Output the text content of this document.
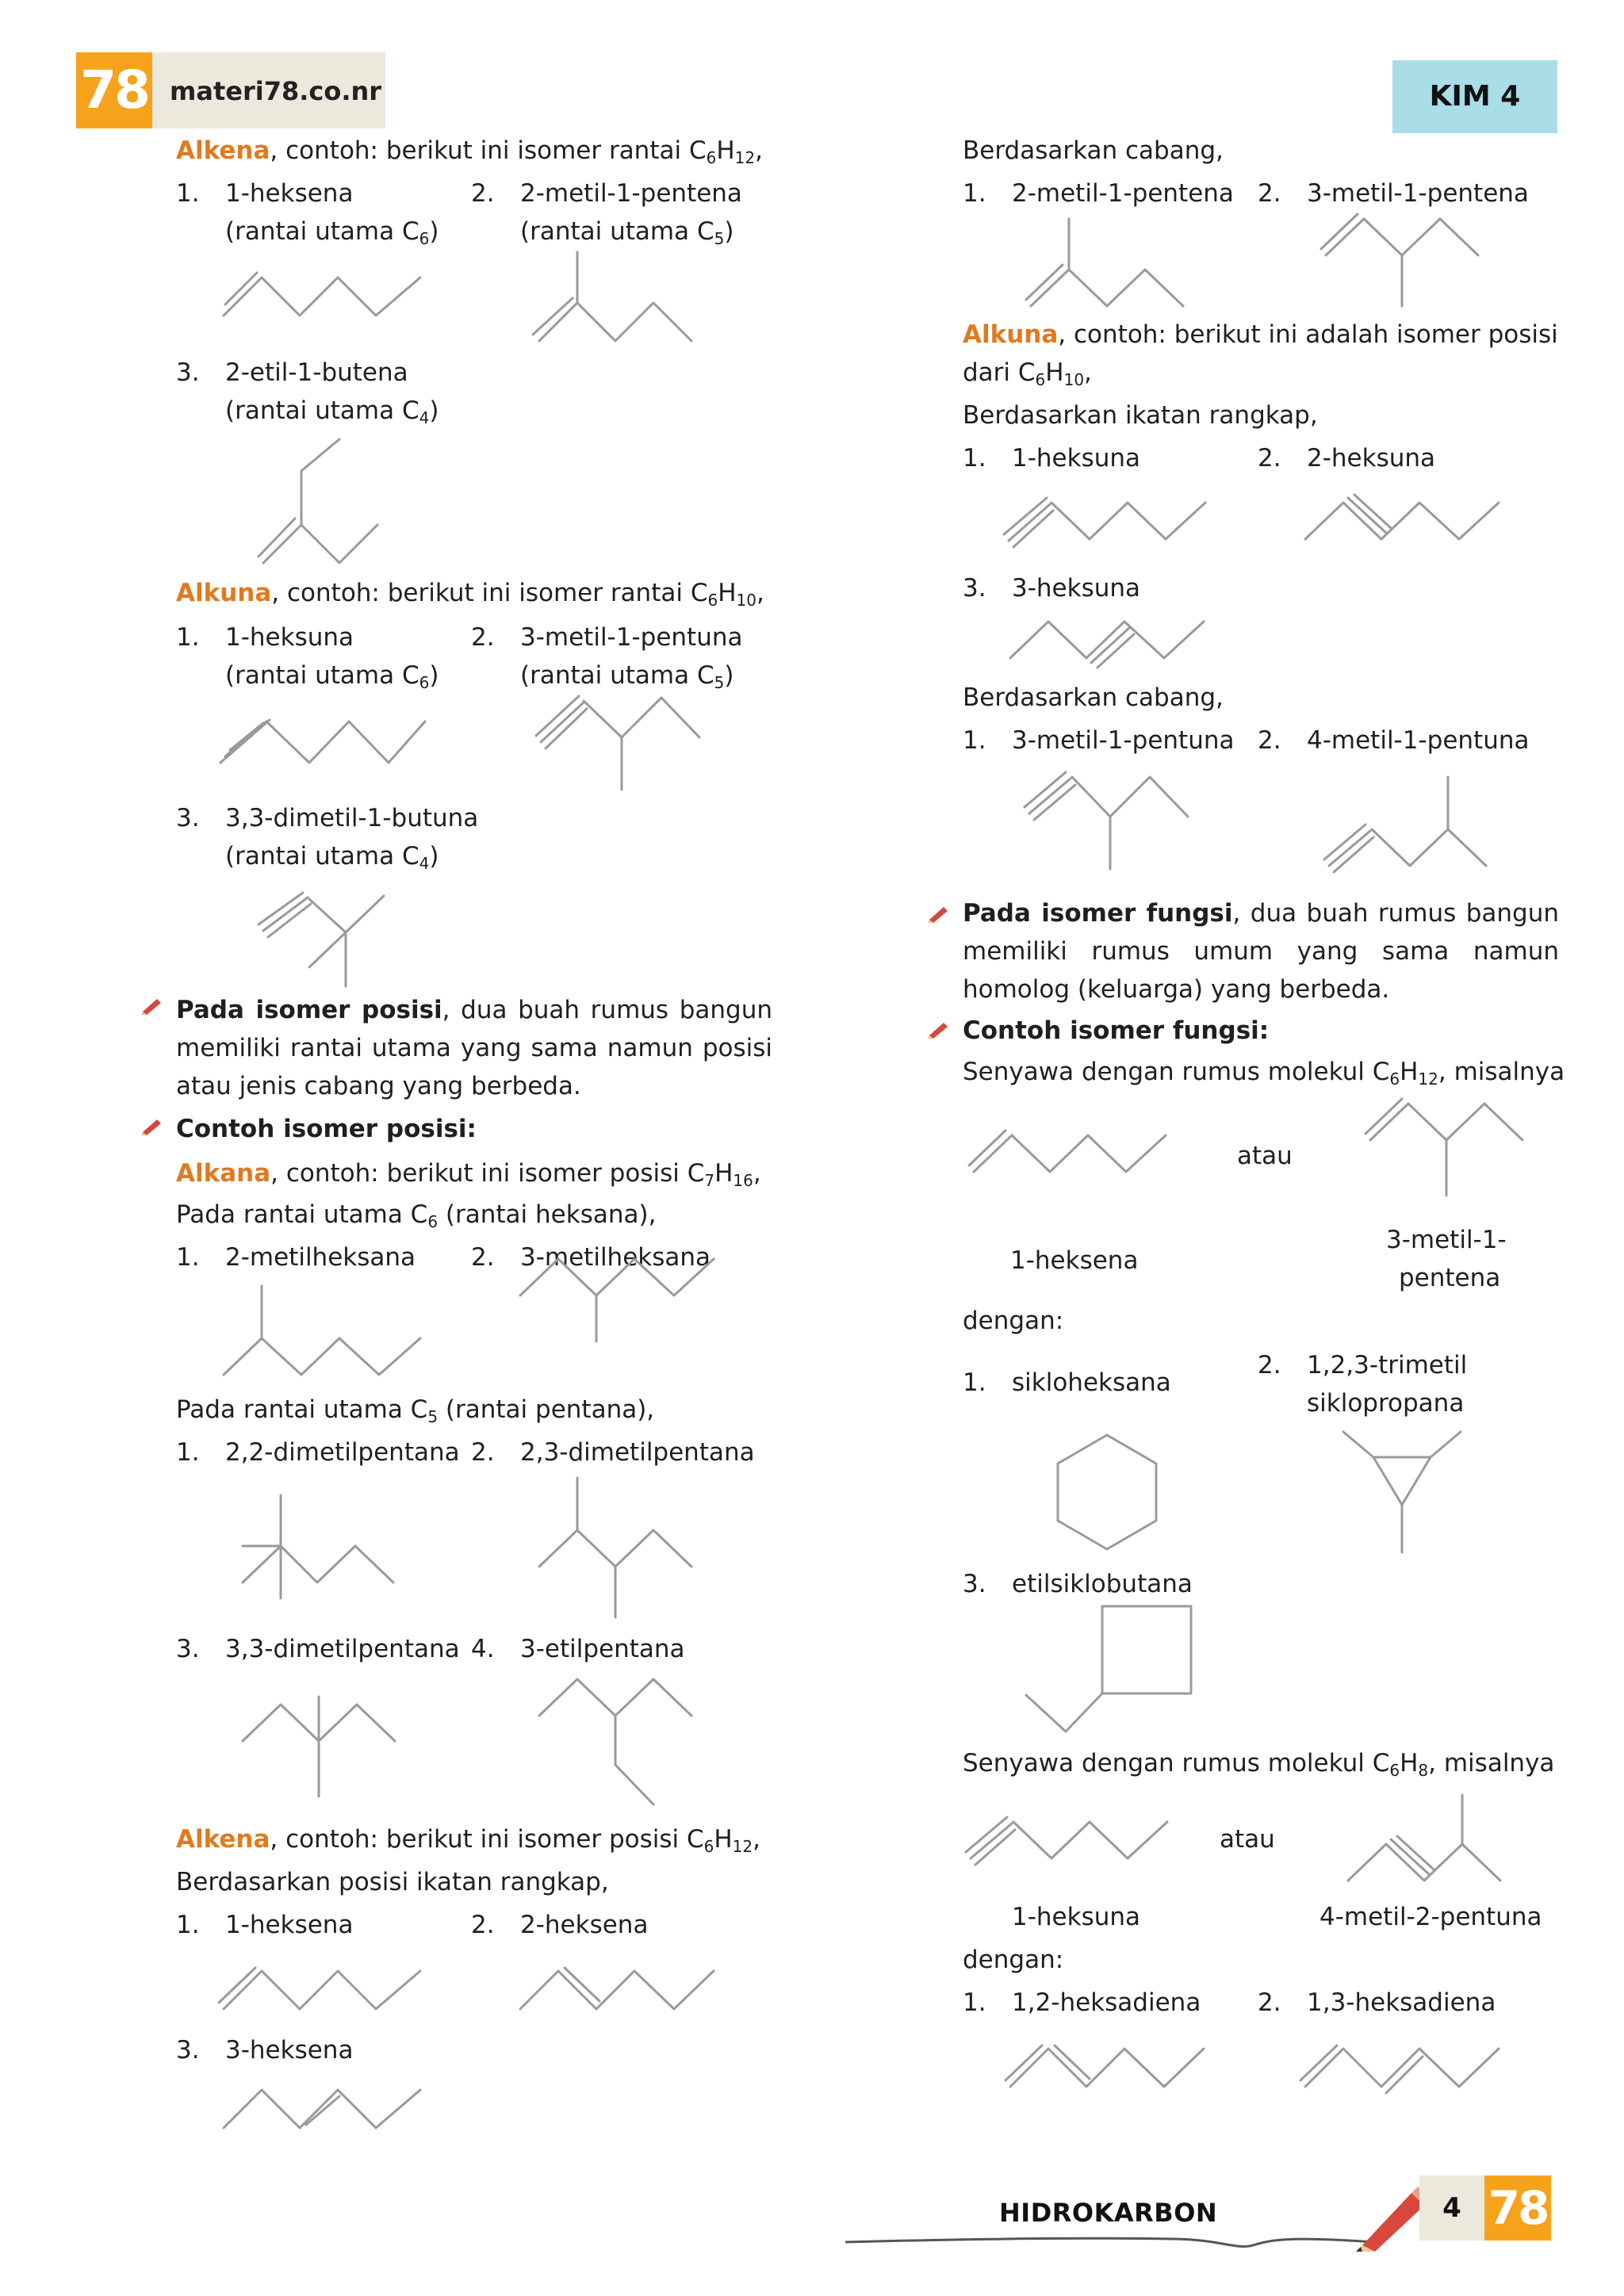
78 materi78.co.nr	KIM 4
Alkena, contoh: berikut ini isomer rantai $C_6H_{12}$,
1. 1-heksena
(rantai utama $C_6$)
2. 2-metil-1-pentena
(rantai utama $C_5$)
3. 2-etil-1-butena
(rantai utama $C_4$)
Alkuna, contoh: berikut ini isomer rantai $C_6H_{10}$,
1. 1-heksuna
(rantai utama $C_6$)
2. 3-metil-1-pentuna
(rantai utama $C_5$)
3. 3,3-dimetil-1-butuna
(rantai utama $C_4$)
Pada isomer posisi, dua buah rumus bangun memiliki rantai utama yang sama namun posisi atau jenis cabang yang berbeda.
Contoh isomer posisi:
Alkana, contoh: berikut ini isomer posisi $C_7H_{16}$,
Pada rantai utama $C_6$ (rantai heksana),
1. 2-metilheksana 2. 3-metilheksana
Pada rantai utama $C_5$ (rantai pentana),
1. 2,2-dimetilpentana 2. 2,3-dimetilpentana
3. 3,3-dimetilpentana 4. 3-etilpentana
Alkena, contoh: berikut ini isomer posisi $C_6H_{12}$,
Berdasarkan posisi ikatan rangkap,
1. 1-heksena	2. 2-heksena
3. 3-heksena
Berdasarkan cabang,
1. 2-metil-1-pentena 2. 3-metil-1-pentena
Alkuna, contoh: berikut ini adalah isomer posisi
dari $C_6H_{10}$,
Berdasarkan ikatan rangkap,
1. 1-heksuna	2. 2-heksuna
3. 3-heksuna
Berdasarkan cabang,
1. 3-metil-1-pentuna 2. 4-metil-1-pentuna
Pada isomer fungsi, dua buah rumus bangun memiliki rumus umum yang sama namun homolog (keluarga) yang berbeda.
Contoh isomer fungsi:
Senyawa dengan rumus molekul $C_6H_{12}$, misalnya
atau
1-heksena
3-metil-1-
pentena
dengan:
1. sikloheksana
2. 1,2,3-trimetil
siklopropana
3. etilsiklobutana
Senyawa dengan rumus molekul $C_6H_8$, misalnya
atau
1-heksuna	4-metil-2-pentuna
dengan:
1. 1,2-heksadiena 2. 1,3-heksadiena
HIDROKARBON	4 78
